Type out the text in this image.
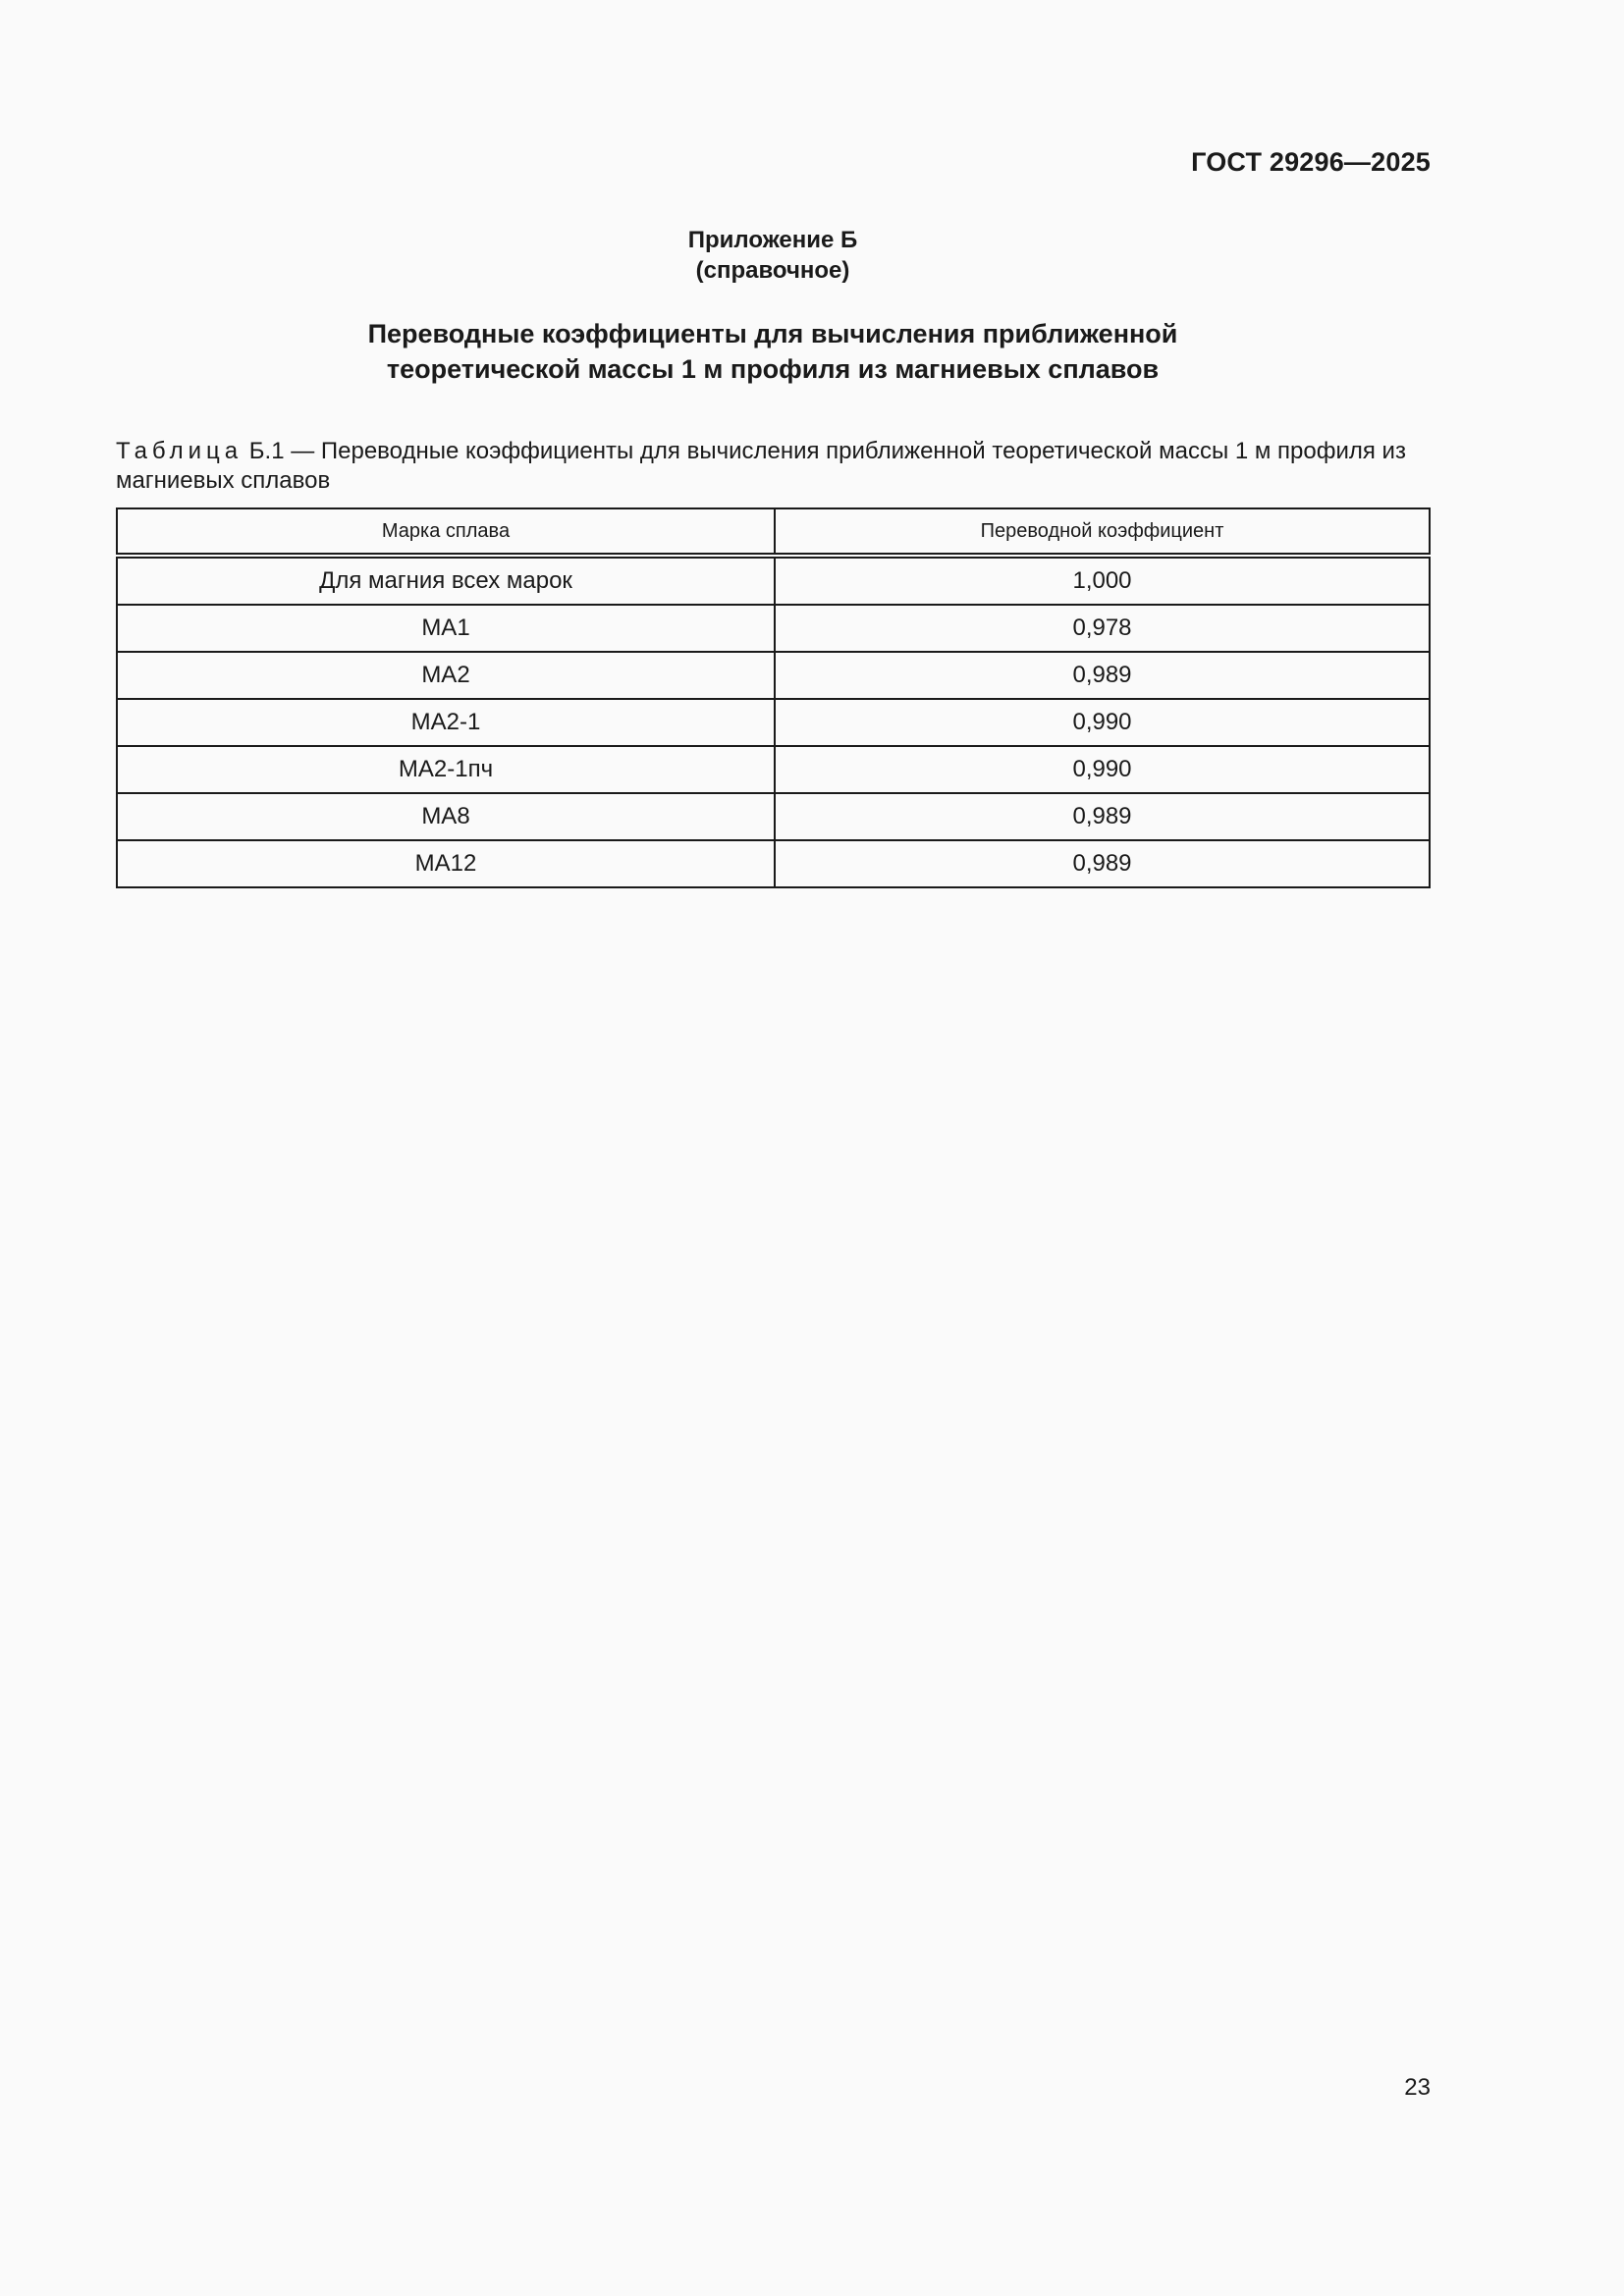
ГОСТ 29296—2025
Приложение Б
(справочное)
Переводные коэффициенты для вычисления приближенной
теоретической массы 1 м профиля из магниевых сплавов
Таблица Б.1 — Переводные коэффициенты для вычисления приближенной теоретической массы 1 м профиля из магниевых сплавов
Марка сплава	Переводной коэффициент
Для магния всех марок	1,000
МА1	0,978
МА2	0,989
МА2-1	0,990
МА2-1пч	0,990
МА8	0,989
МА12	0,989
23
